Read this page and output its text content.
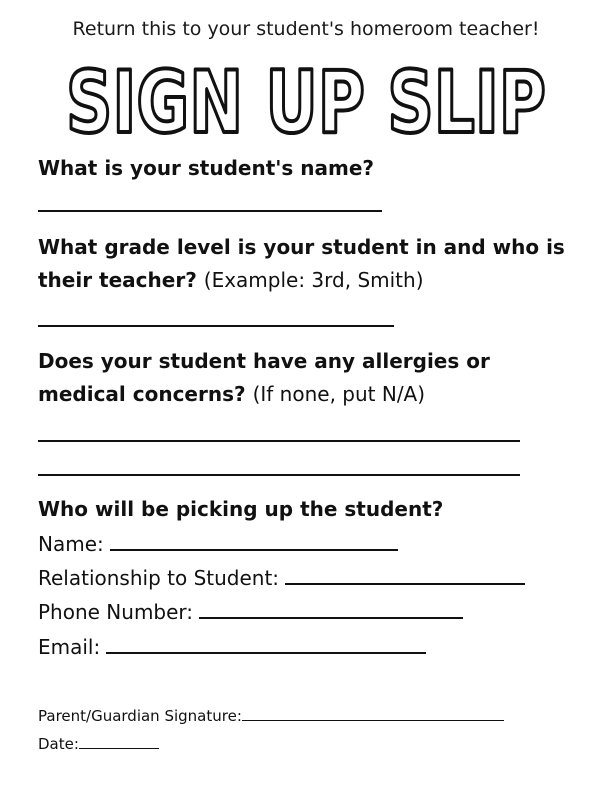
Return this to your student's homeroom teacher!
SIGN UP SLIP
What is your student's name?
What grade level is your student in and who is
their teacher? (Example: 3rd, Smith)
Does your student have any allergies or
medical concerns? (If none, put N/A)
Who will be picking up the student?
Name:
Relationship to Student:
Phone Number:
Email:
Parent/Guardian Signature:
Date:
